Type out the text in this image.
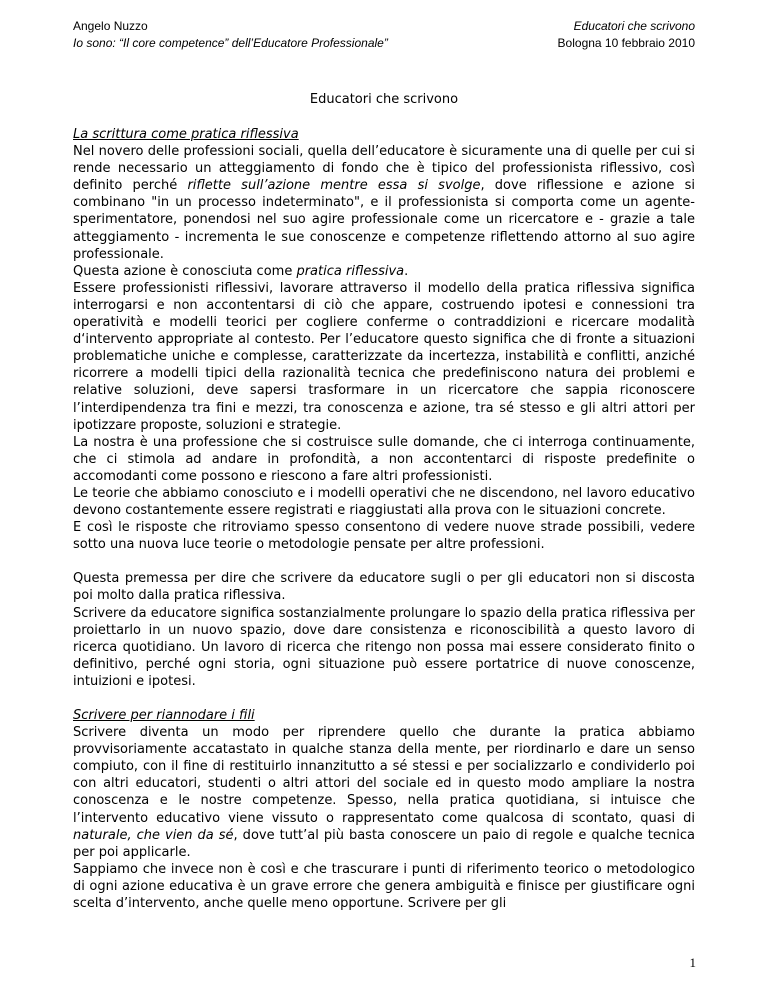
Angelo Nuzzo
Io sono: “Il core competence” dell’Educatore Professionale”
Educatori che scrivono
Bologna 10 febbraio 2010
Educatori che scrivono

La scrittura come pratica riflessiva

Nel novero delle professioni sociali, quella dell’educatore è sicuramente una di quelle per cui si rende necessario un atteggiamento di fondo che è tipico del professionista riflessivo, così definito perché riflette sull’azione mentre essa si svolge, dove riflessione e azione si combinano "in un processo indeterminato", e il professionista si comporta come un agente-sperimentatore, ponendosi nel suo agire professionale come un ricercatore e - grazie a tale atteggiamento - incrementa le sue conoscenze e competenze riflettendo attorno al suo agire professionale.

Questa azione è conosciuta come pratica riflessiva.

Essere professionisti riflessivi, lavorare attraverso il modello della pratica riflessiva significa interrogarsi e non accontentarsi di ciò che appare, costruendo ipotesi e connessioni tra operatività e modelli teorici per cogliere conferme o contraddizioni e ricercare modalità d‘intervento appropriate al contesto. Per l’educatore questo significa che di fronte a situazioni problematiche uniche e complesse, caratterizzate da incertezza, instabilità e conflitti, anziché ricorrere a modelli tipici della razionalità tecnica che predefiniscono natura dei problemi e relative soluzioni, deve sapersi trasformare in un ricercatore che sappia riconoscere l’interdipendenza tra fini e mezzi, tra conoscenza e azione, tra sé stesso e gli altri attori per ipotizzare proposte, soluzioni e strategie.

La nostra è una professione che si costruisce sulle domande, che ci interroga continuamente, che ci stimola ad andare in profondità, a non accontentarci di risposte predefinite o accomodanti come possono e riescono a fare altri professionisti.

Le teorie che abbiamo conosciuto e i modelli operativi che ne discendono, nel lavoro educativo devono costantemente essere registrati e riaggiustati alla prova con le situazioni concrete.

E così le risposte che ritroviamo spesso consentono di vedere nuove strade possibili, vedere sotto una nuova luce teorie o metodologie pensate per altre professioni.

Questa premessa per dire che scrivere da educatore sugli o per gli educatori non si discosta poi molto dalla pratica riflessiva.

Scrivere da educatore significa sostanzialmente prolungare lo spazio della pratica riflessiva per proiettarlo in un nuovo spazio, dove dare consistenza e riconoscibilità a questo lavoro di ricerca quotidiano. Un lavoro di ricerca che ritengo non possa mai essere considerato finito o definitivo, perché ogni storia, ogni situazione può essere portatrice di nuove conoscenze, intuizioni e ipotesi.

Scrivere per riannodare i fili

Scrivere diventa un modo per riprendere quello che durante la pratica abbiamo provvisoriamente accatastato in qualche stanza della mente, per riordinarlo e dare un senso compiuto, con il fine di restituirlo innanzitutto a sé stessi e per socializzarlo e condividerlo poi con altri educatori, studenti o altri attori del sociale ed in questo modo ampliare la nostra conoscenza e le nostre competenze. Spesso, nella pratica quotidiana, si intuisce che l’intervento educativo viene vissuto o rappresentato come qualcosa di scontato, quasi di naturale, che vien da sé, dove tutt’al più basta conoscere un paio di regole e qualche tecnica per poi applicarle.

Sappiamo che invece non è così e che trascurare i punti di riferimento teorico o metodologico di ogni azione educativa è un grave errore che genera ambiguità e finisce per giustificare ogni scelta d’intervento, anche quelle meno opportune. Scrivere per gli

1
